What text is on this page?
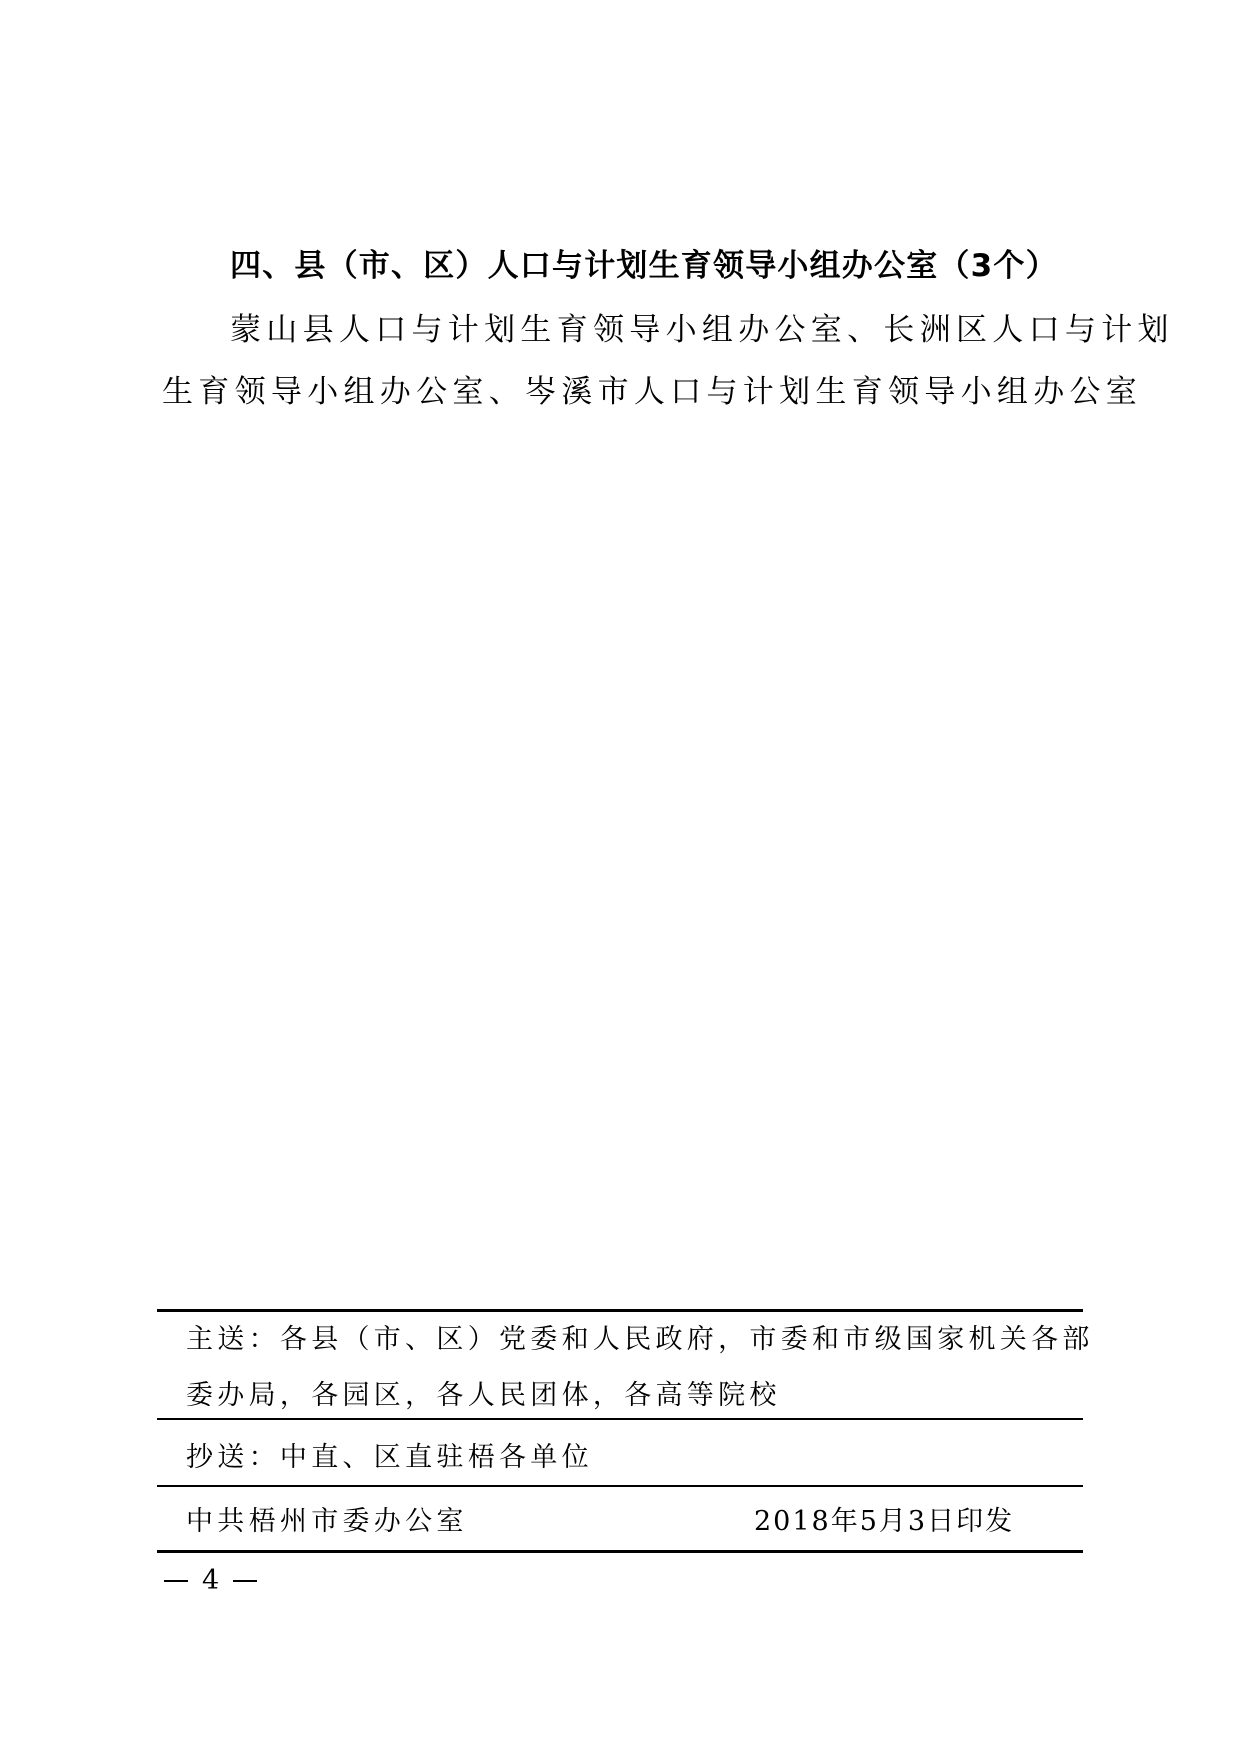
四、县（市、区）人口与计划生育领导小组办公室（3个）
蒙山县人口与计划生育领导小组办公室、长洲区人口与计划
生育领导小组办公室、岑溪市人口与计划生育领导小组办公室
主送：各县（市、区）党委和人民政府，市委和市级国家机关各部
委办局，各园区，各人民团体，各高等院校
抄送：中直、区直驻梧各单位
中共梧州市委办公室	2018年5月3日印发
4
